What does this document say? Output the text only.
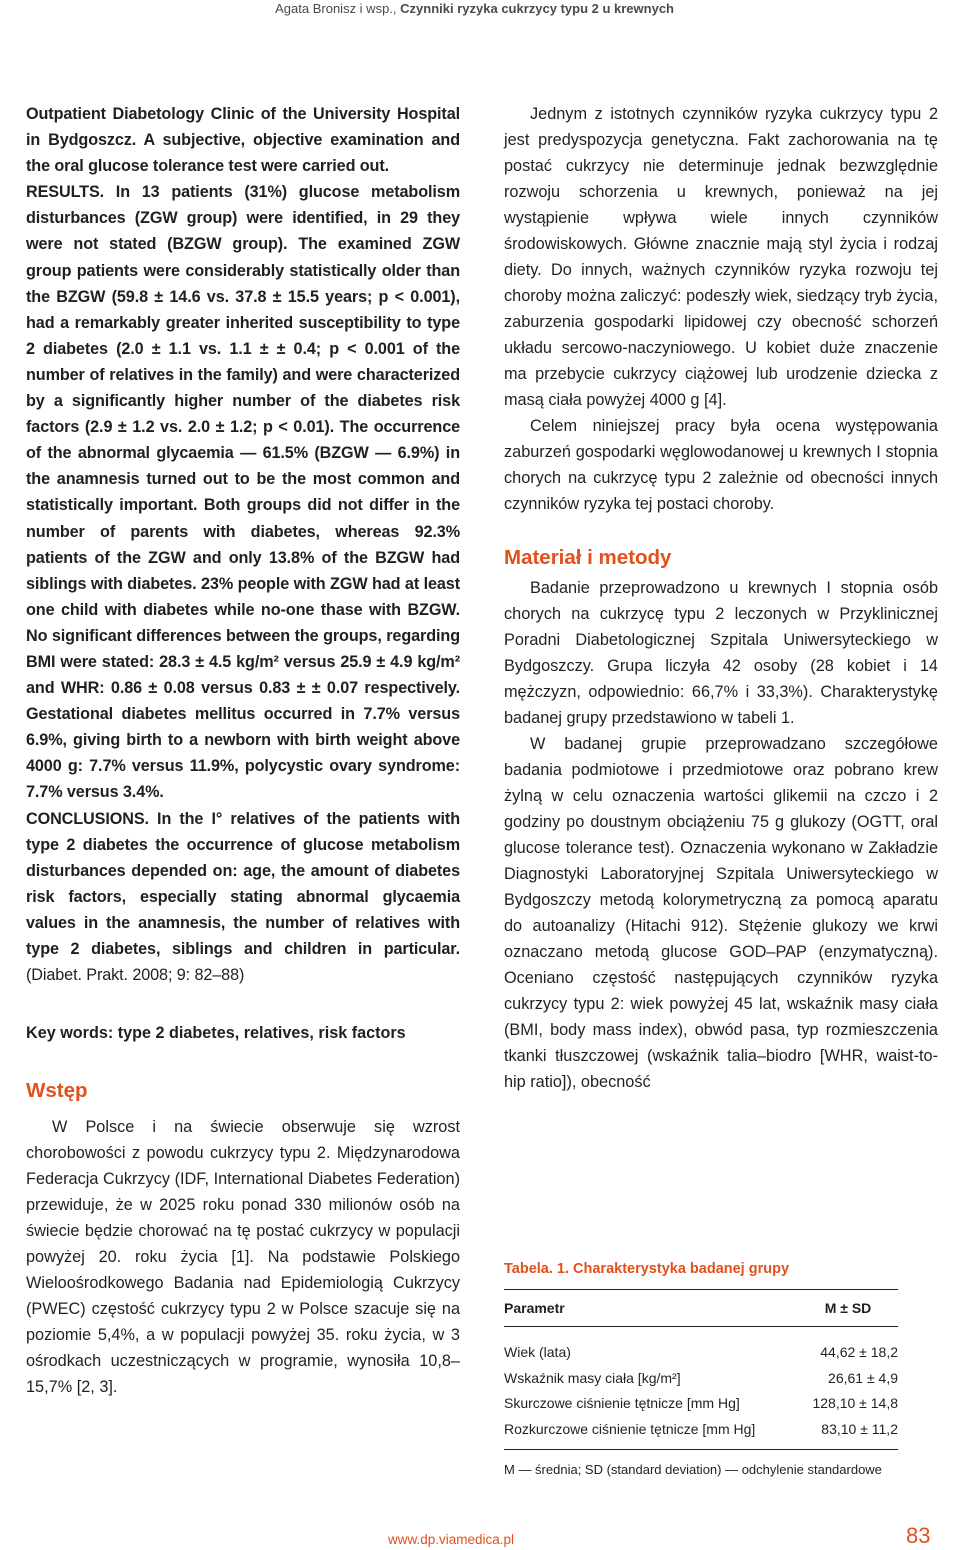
Agata Bronisz i wsp., Czynniki ryzyka cukrzycy typu 2 u krewnych

Outpatient Diabetology Clinic of the University Hospital in Bydgoszcz. A subjective, objective examination and the oral glucose tolerance test were carried out.
RESULTS. In 13 patients (31%) glucose metabolism disturbances (ZGW group) were identified, in 29 they were not stated (BZGW group). The examined ZGW group patients were considerably statistically older than the BZGW (59.8 ± 14.6 vs. 37.8 ± 15.5 years; p < 0.001), had a remarkably greater inherited susceptibility to type 2 diabetes (2.0 ± 1.1 vs. 1.1 ± ± 0.4; p < 0.001 of the number of relatives in the family) and were characterized by a significantly higher number of the diabetes risk factors (2.9 ± 1.2 vs. 2.0 ± 1.2; p < 0.01). The occurrence of the abnormal glycaemia — 61.5% (BZGW — 6.9%) in the anamnesis turned out to be the most common and statistically important. Both groups did not differ in the number of parents with diabetes, whereas 92.3% patients of the ZGW and only 13.8% of the BZGW had siblings with diabetes. 23% people with ZGW had at least one child with diabetes while no-one thase with BZGW. No significant differences between the groups, regarding BMI were stated: 28.3 ± 4.5 kg/m² versus 25.9 ± 4.9 kg/m² and WHR: 0.86 ± 0.08 versus 0.83 ± ± 0.07 respectively. Gestational diabetes mellitus occurred in 7.7% versus 6.9%, giving birth to a newborn with birth weight above 4000 g: 7.7% versus 11.9%, polycystic ovary syndrome: 7.7% versus 3.4%.
CONCLUSIONS. In the I° relatives of the patients with type 2 diabetes the occurrence of glucose metabolism disturbances depended on: age, the amount of diabetes risk factors, especially stating abnormal glycaemia values in the anamnesis, the number of relatives with type 2 diabetes, siblings and children in particular. (Diabet. Prakt. 2008; 9: 82–88)

Key words: type 2 diabetes, relatives, risk factors
Wstęp

W Polsce i na świecie obserwuje się wzrost chorobowości z powodu cukrzycy typu 2. Międzynarodowa Federacja Cukrzycy (IDF, International Diabetes Federation) przewiduje, że w 2025 roku ponad 330 milionów osób na świecie będzie chorować na tę postać cukrzycy w populacji powyżej 20. roku życia [1]. Na podstawie Polskiego Wieloośrodkowego Badania nad Epidemiologią Cukrzycy (PWEC) częstość cukrzycy typu 2 w Polsce szacuje się na poziomie 5,4%, a w populacji powyżej 35. roku życia, w 3 ośrodkach uczestniczących w programie, wynosiła 10,8–15,7% [2, 3].

Jednym z istotnych czynników ryzyka cukrzycy typu 2 jest predyspozycja genetyczna. Fakt zachorowania na tę postać cukrzycy nie determinuje jednak bezwzględnie rozwoju schorzenia u krewnych, ponieważ na jej wystąpienie wpływa wiele innych czynników środowiskowych. Główne znacznie mają styl życia i rodzaj diety. Do innych, ważnych czynników ryzyka rozwoju tej choroby można zaliczyć: podeszły wiek, siedzący tryb życia, zaburzenia gospodarki lipidowej czy obecność schorzeń układu sercowo-naczyniowego. U kobiet duże znaczenie ma przebycie cukrzycy ciążowej lub urodzenie dziecka z masą ciała powyżej 4000 g [4].

Celem niniejszej pracy była ocena występowania zaburzeń gospodarki węglowodanowej u krewnych I stopnia chorych na cukrzycę typu 2 zależnie od obecności innych czynników ryzyka tej postaci choroby.

Materiał i metody

Badanie przeprowadzono u krewnych I stopnia osób chorych na cukrzycę typu 2 leczonych w Przyklinicznej Poradni Diabetologicznej Szpitala Uniwersyteckiego w Bydgoszczy. Grupa liczyła 42 osoby (28 kobiet i 14 mężczyzn, odpowiednio: 66,7% i 33,3%). Charakterystykę badanej grupy przedstawiono w tabeli 1.

W badanej grupie przeprowadzano szczegółowe badania podmiotowe i przedmiotowe oraz pobrano krew żylną w celu oznaczenia wartości glikemii na czczo i 2 godziny po doustnym obciążeniu 75 g glukozy (OGTT, oral glucose tolerance test). Oznaczenia wykonano w Zakładzie Diagnostyki Laboratoryjnej Szpitala Uniwersyteckiego w Bydgoszczy metodą kolorymetryczną za pomocą aparatu do autoanalizy (Hitachi 912). Stężenie glukozy we krwi oznaczano metodą glucose GOD–PAP (enzymatyczną). Oceniano częstość następujących czynników ryzyka cukrzycy typu 2: wiek powyżej 45 lat, wskaźnik masy ciała (BMI, body mass index), obwód pasa, typ rozmieszczenia tkanki tłuszczowej (wskaźnik talia–biodro [WHR, waist-to-hip ratio]), obecność

Tabela. 1. Charakterystyka badanej grupy
Parametr	M ± SD
Wiek (lata)	44,62 ± 18,2
Wskaźnik masy ciała [kg/m²]	26,61 ± 4,9
Skurczowe ciśnienie tętnicze [mm Hg]	128,10 ± 14,8
Rozkurczowe ciśnienie tętnicze [mm Hg]	83,10 ± 11,2
M — średnia; SD (standard deviation) — odchylenie standardowe
www.dp.viamedica.pl	83
